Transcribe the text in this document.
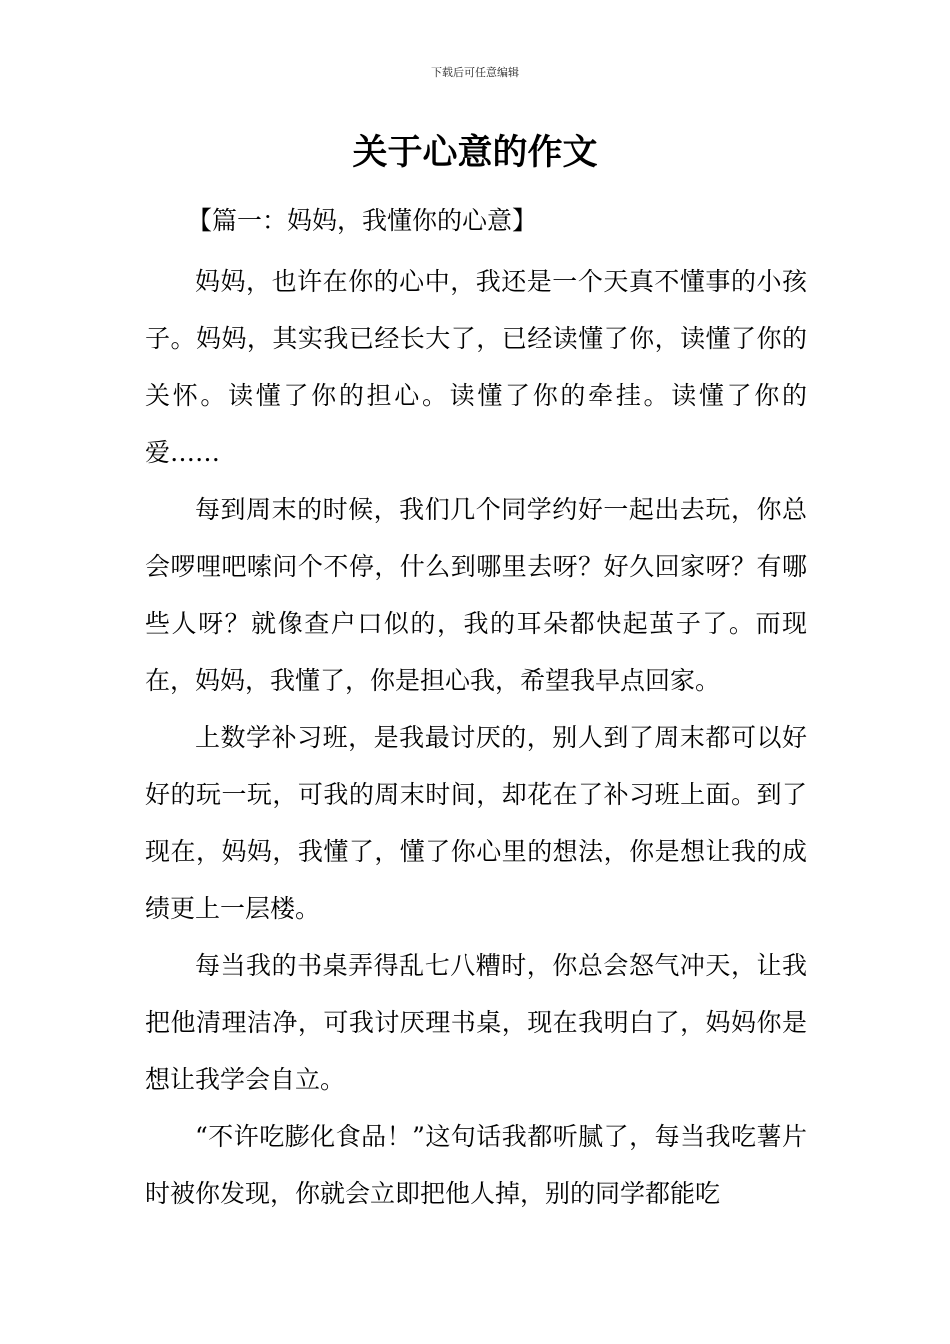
下载后可任意编辑
关于心意的作文
【篇一：妈妈，我懂你的心意】

妈妈，也许在你的心中，我还是一个天真不懂事的小孩子。妈妈，其实我已经长大了，已经读懂了你，读懂了你的关怀。读懂了你的担心。读懂了你的牵挂。读懂了你的爱……

每到周末的时候，我们几个同学约好一起出去玩，你总会啰哩吧嗦问个不停，什么到哪里去呀？好久回家呀？有哪些人呀？就像查户口似的，我的耳朵都快起茧子了。而现在，妈妈，我懂了，你是担心我，希望我早点回家。

上数学补习班，是我最讨厌的，别人到了周末都可以好好的玩一玩，可我的周末时间，却花在了补习班上面。到了现在，妈妈，我懂了，懂了你心里的想法，你是想让我的成绩更上一层楼。

每当我的书桌弄得乱七八糟时，你总会怒气冲天，让我把他清理洁净，可我讨厌理书桌，现在我明白了，妈妈你是想让我学会自立。

“不许吃膨化食品！”这句话我都听腻了，每当我吃薯片时被你发现，你就会立即把他人掉，别的同学都能吃
